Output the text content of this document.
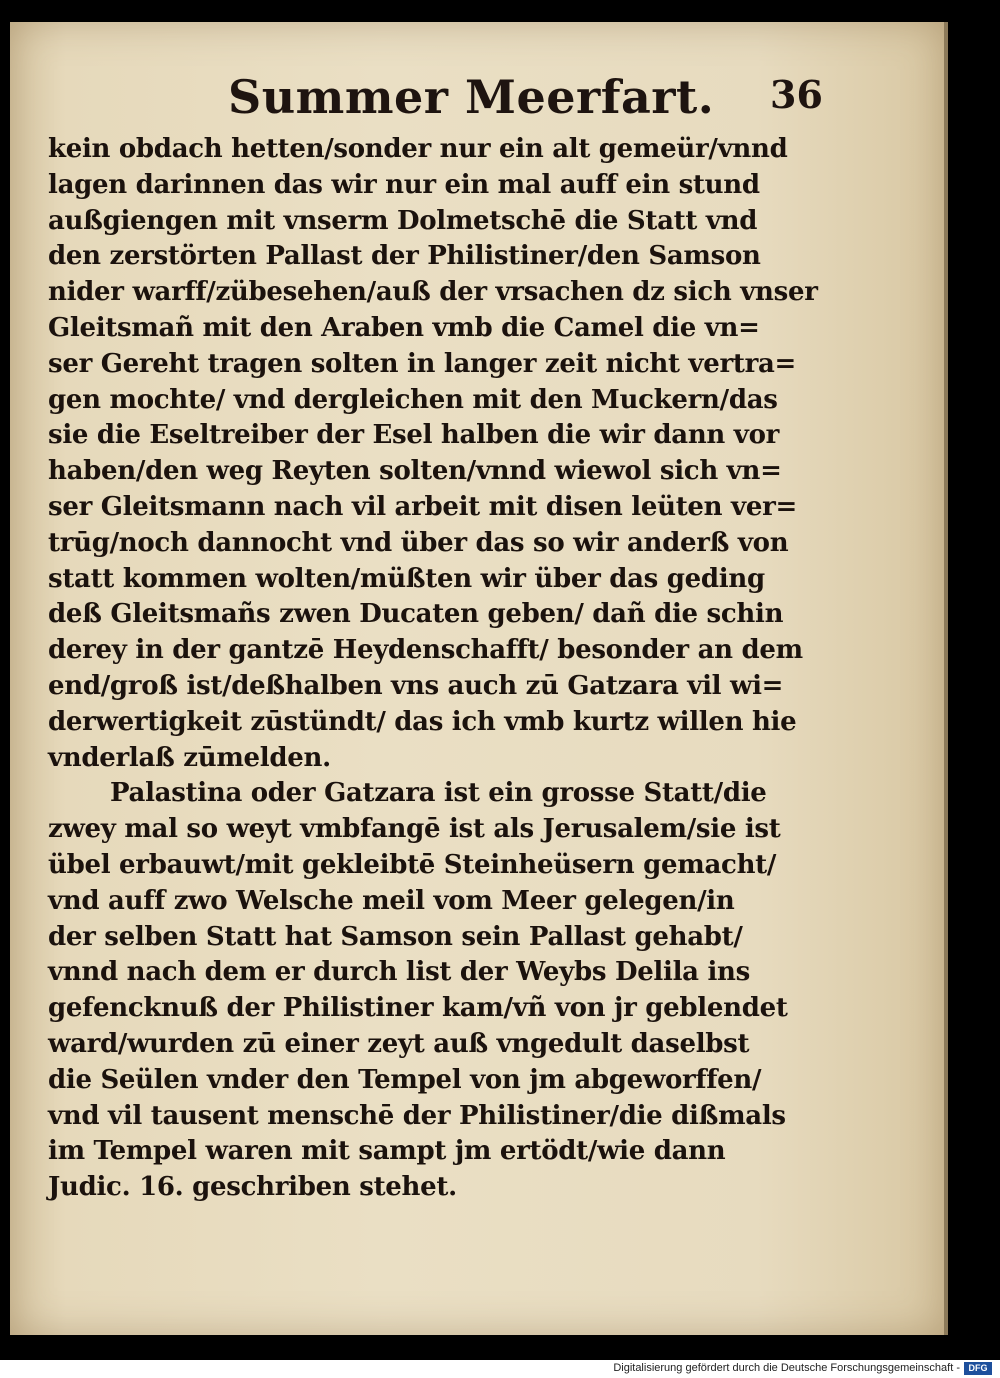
Summer Meerfart. 36
kein obdach hetten/sonder nur ein alt gemeür/vnnd
lagen darinnen das wir nur ein mal auff ein stund
außgiengen mit vnserm Dolmetschē die Statt vnd
den zerstörten Pallast der Philistiner/den Samson
nider warff/zübesehen/auß der vrsachen dz sich vnser
Gleitsmañ mit den Araben vmb die Camel die vn=
ser Gereht tragen solten in langer zeit nicht vertra=
gen mochte/ vnd dergleichen mit den Muckern/das
sie die Eseltreiber der Esel halben die wir dann vor
haben/den weg Reyten solten/vnnd wiewol sich vn=
ser Gleitsmann nach vil arbeit mit disen leüten ver=
trūg/noch dannocht vnd über das so wir anderß von
statt kommen wolten/müßten wir über das geding
deß Gleitsmañs zwen Ducaten geben/ dañ die schin
derey in der gantzē Heydenschafft/ besonder an dem
end/groß ist/deßhalben vns auch zū Gatzara vil wi=
derwertigkeit zūstündt/ das ich vmb kurtz willen hie
vnderlaß zūmelden.
Palastina oder Gatzara ist ein grosse Statt/die
zwey mal so weyt vmbfangē ist als Jerusalem/sie ist
übel erbauwt/mit gekleibtē Steinheüsern gemacht/
vnd auff zwo Welsche meil vom Meer gelegen/in
der selben Statt hat Samson sein Pallast gehabt/
vnnd nach dem er durch list der Weybs Delila ins
gefencknuß der Philistiner kam/vñ von jr geblendet
ward/wurden zū einer zeyt auß vngedult daselbst
die Seülen vnder den Tempel von jm abgeworffen/
vnd vil tausent menschē der Philistiner/die dißmals
im Tempel waren mit sampt jm ertödt/wie dann
Judic. 16. geschriben stehet.
Digitalisierung gefördert durch die Deutsche Forschungsgemeinschaft - DFG
